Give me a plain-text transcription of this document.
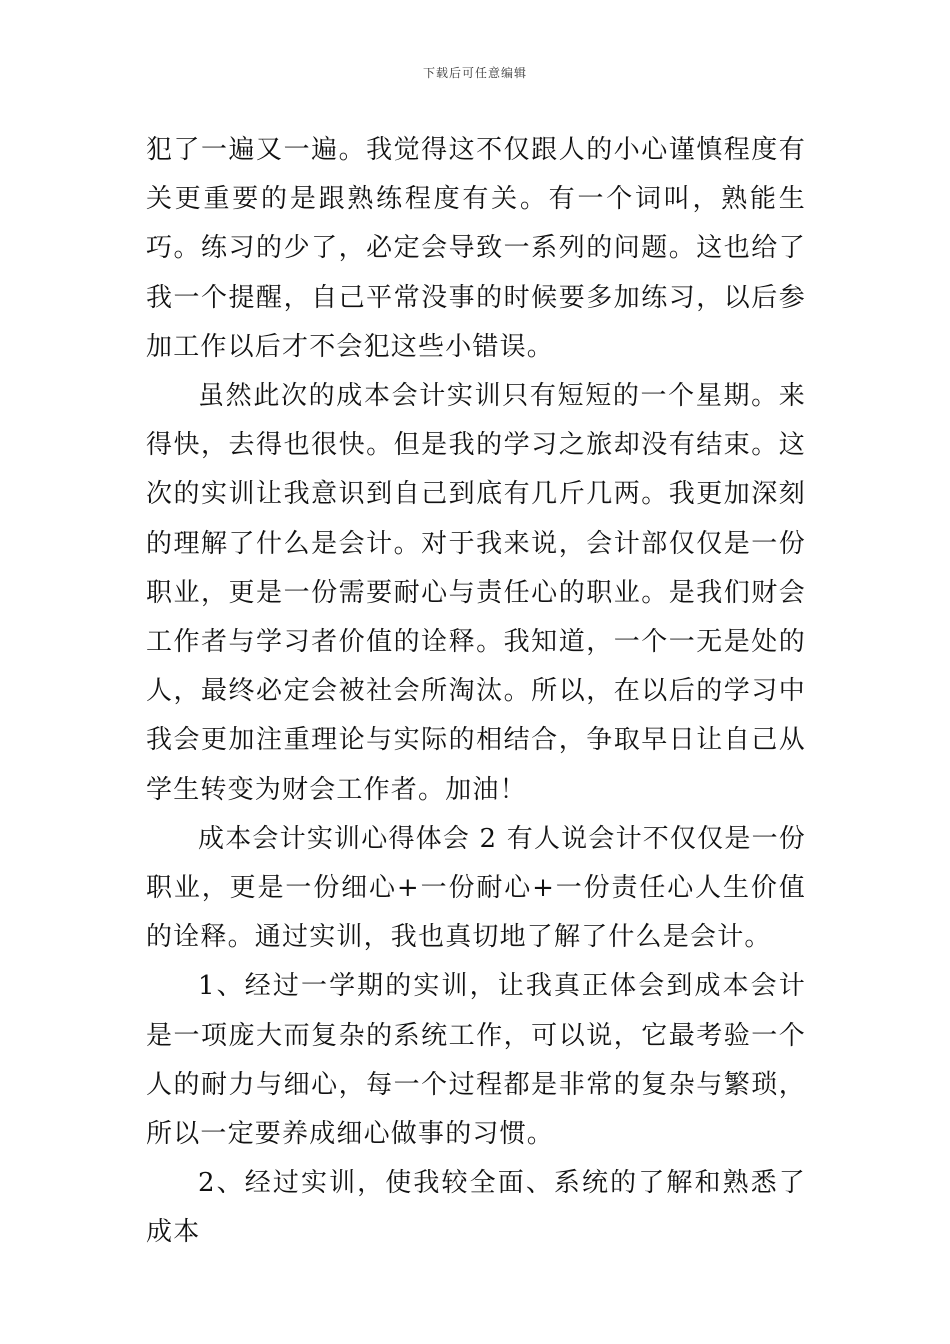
下载后可任意编辑

犯了一遍又一遍。我觉得这不仅跟人的小心谨慎程度有关更重要的是跟熟练程度有关。有一个词叫，熟能生巧。练习的少了，必定会导致一系列的问题。这也给了我一个提醒，自己平常没事的时候要多加练习，以后参加工作以后才不会犯这些小错误。

虽然此次的成本会计实训只有短短的一个星期。来得快，去得也很快。但是我的学习之旅却没有结束。这次的实训让我意识到自己到底有几斤几两。我更加深刻的理解了什么是会计。对于我来说，会计部仅仅是一份职业，更是一份需要耐心与责任心的职业。是我们财会工作者与学习者价值的诠释。我知道，一个一无是处的人，最终必定会被社会所淘汰。所以，在以后的学习中我会更加注重理论与实际的相结合，争取早日让自己从学生转变为财会工作者。加油！

成本会计实训心得体会 2 有人说会计不仅仅是一份职业，更是一份细心+一份耐心+一份责任心人生价值的诠释。通过实训，我也真切地了解了什么是会计。

1、经过一学期的实训，让我真正体会到成本会计是一项庞大而复杂的系统工作，可以说，它最考验一个人的耐力与细心，每一个过程都是非常的复杂与繁琐，所以一定要养成细心做事的习惯。

2、经过实训，使我较全面、系统的了解和熟悉了成本
